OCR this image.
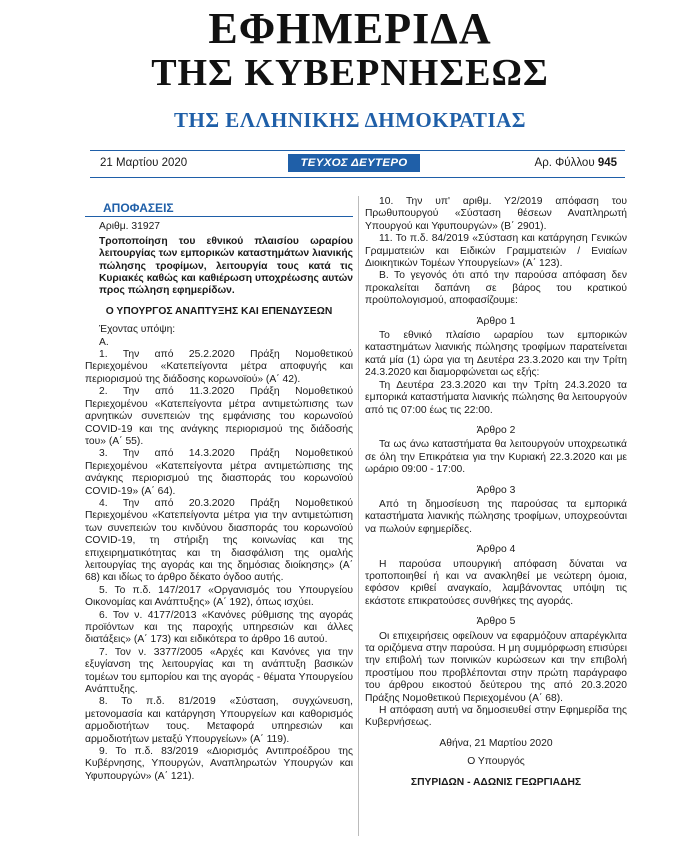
ΕΦΗΜΕΡΙΔΑ
ΤΗΣ ΚΥΒΕΡΝΗΣΕΩΣ
ΤΗΣ ΕΛΛΗΝΙΚΗΣ ΔΗΜΟΚΡΑΤΙΑΣ
21 Μαρτίου 2020	ΤΕΥΧΟΣ ΔΕΥΤΕΡΟ	Αρ. Φύλλου 945
ΑΠΟΦΑΣΕΙΣ

Αριθμ. 31927

Τροποποίηση του εθνικού πλαισίου ωραρίου λειτουργίας των εμπορικών καταστημάτων λιανικής πώλησης τροφίμων, λειτουργία τους κατά τις Κυριακές καθώς και καθιέρωση υποχρέωσης αυτών προς πώληση εφημερίδων.

Ο ΥΠΟΥΡΓΟΣ ΑΝΑΠΤΥΞΗΣ ΚΑΙ ΕΠΕΝΔΥΣΕΩΝ

Έχοντας υπόψη:

Α.

1. Την από 25.2.2020 Πράξη Νομοθετικού Περιεχομένου «Κατεπείγοντα μέτρα αποφυγής και περιορισμού της διάδοσης κορωνοϊού» (Α΄ 42).

2. Την από 11.3.2020 Πράξη Νομοθετικού Περιεχομένου «Κατεπείγοντα μέτρα αντιμετώπισης των αρνητικών συνεπειών της εμφάνισης του κορωνοϊού COVID-19 και της ανάγκης περιορισμού της διάδοσής του» (Α΄ 55).

3. Την από 14.3.2020 Πράξη Νομοθετικού Περιεχομένου «Κατεπείγοντα μέτρα αντιμετώπισης της ανάγκης περιορισμού της διασποράς του κορωνοϊού COVID-19» (Α΄ 64).

4. Την από 20.3.2020 Πράξη Νομοθετικού Περιεχομένου «Κατεπείγοντα μέτρα για την αντιμετώπιση των συνεπειών του κινδύνου διασποράς του κορωνοϊού COVID-19, τη στήριξη της κοινωνίας και της επιχειρηματικότητας και τη διασφάλιση της ομαλής λειτουργίας της αγοράς και της δημόσιας διοίκησης» (Α΄ 68) και ιδίως το άρθρο δέκατο όγδοο αυτής.

5. Το π.δ. 147/2017 «Οργανισμός του Υπουργείου Οικονομίας και Ανάπτυξης» (Α΄ 192), όπως ισχύει.

6. Τον ν. 4177/2013 «Κανόνες ρύθμισης της αγοράς προϊόντων και της παροχής υπηρεσιών και άλλες διατάξεις» (Α΄ 173) και ειδικότερα το άρθρο 16 αυτού.

7. Τον ν. 3377/2005 «Αρχές και Κανόνες για την εξυγίανση της λειτουργίας και τη ανάπτυξη βασικών τομέων του εμπορίου και της αγοράς - θέματα Υπουργείου Ανάπτυξης.

8. Το π.δ. 81/2019 «Σύσταση, συγχώνευση, μετονομασία και κατάργηση Υπουργείων και καθορισμός αρμοδιοτήτων τους. Μεταφορά υπηρεσιών και αρμοδιοτήτων μεταξύ Υπουργείων» (Α΄ 119).

9. Το π.δ. 83/2019 «Διορισμός Αντιπροέδρου της Κυβέρνησης, Υπουργών, Αναπληρωτών Υπουργών και Υφυπουργών» (Α΄ 121).

10. Την υπ' αριθμ. Υ2/2019 απόφαση του Πρωθυπουργού «Σύσταση θέσεων Αναπληρωτή Υπουργού και Υφυπουργών» (Β΄ 2901).

11. Το π.δ. 84/2019 «Σύσταση και κατάργηση Γενικών Γραμματειών και Ειδικών Γραμματειών / Ενιαίων Διοικητικών Τομέων Υπουργείων» (Α΄ 123).

Β. Το γεγονός ότι από την παρούσα απόφαση δεν προκαλείται δαπάνη σε βάρος του κρατικού προϋπολογισμού, αποφασίζουμε:

Άρθρο 1

Το εθνικό πλαίσιο ωραρίου των εμπορικών καταστημάτων λιανικής πώλησης τροφίμων παρατείνεται κατά μία (1) ώρα για τη Δευτέρα 23.3.2020 και την Τρίτη 24.3.2020 και διαμορφώνεται ως εξής:

Τη Δευτέρα 23.3.2020 και την Τρίτη 24.3.2020 τα εμπορικά καταστήματα λιανικής πώλησης θα λειτουργούν από τις 07:00 έως τις 22:00.

Άρθρο 2

Τα ως άνω καταστήματα θα λειτουργούν υποχρεωτικά σε όλη την Επικράτεια για την Κυριακή 22.3.2020 και με ωράριο 09:00 - 17:00.

Άρθρο 3

Από τη δημοσίευση της παρούσας τα εμπορικά καταστήματα λιανικής πώλησης τροφίμων, υποχρεούνται να πωλούν εφημερίδες.

Άρθρο 4

Η παρούσα υπουργική απόφαση δύναται να τροποποιηθεί ή και να ανακληθεί με νεώτερη όμοια, εφόσον κριθεί αναγκαίο, λαμβάνοντας υπόψη τις εκάστοτε επικρατούσες συνθήκες της αγοράς.

Άρθρο 5

Οι επιχειρήσεις οφείλουν να εφαρμόζουν απαρέγκλιτα τα οριζόμενα στην παρούσα. Η μη συμμόρφωση επισύρει την επιβολή των ποινικών κυρώσεων και την επιβολή προστίμου που προβλέπονται στην πρώτη παράγραφο του άρθρου εικοστού δεύτερου της από 20.3.2020 Πράξης Νομοθετικού Περιεχομένου (Α΄ 68).

Η απόφαση αυτή να δημοσιευθεί στην Εφημερίδα της Κυβερνήσεως.

Αθήνα, 21 Μαρτίου 2020

Ο Υπουργός

ΣΠΥΡΙΔΩΝ - ΑΔΩΝΙΣ ΓΕΩΡΓΙΑΔΗΣ
